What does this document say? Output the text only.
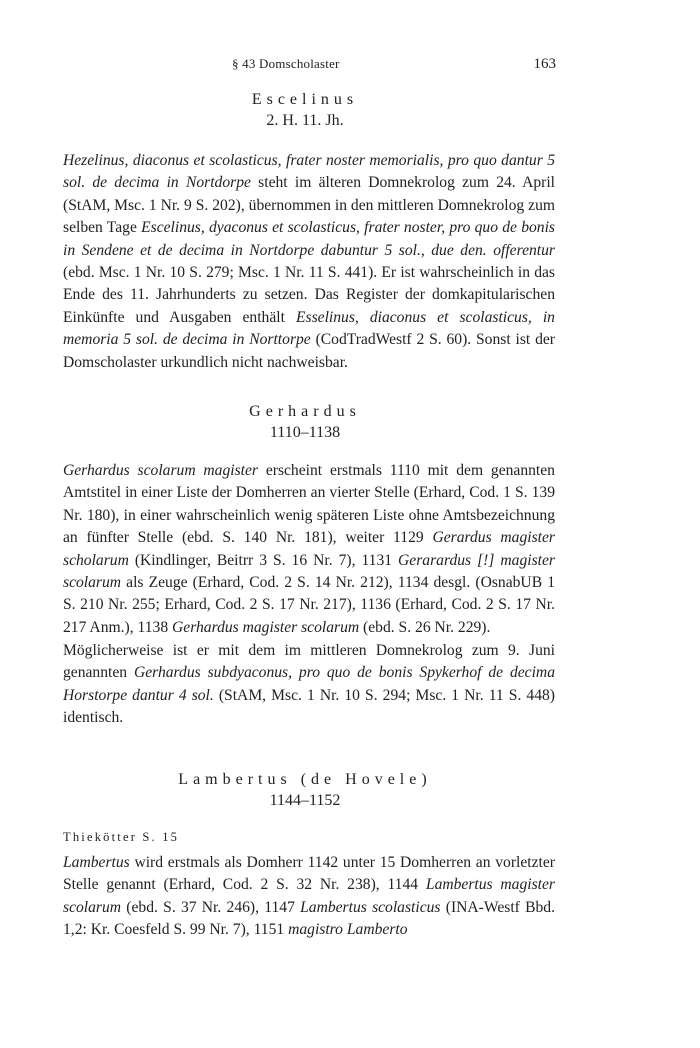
§ 43 Domscholaster	163
Escelinus
2. H. 11. Jh.

Hezelinus, diaconus et scolasticus, frater noster memorialis, pro quo dantur 5 sol. de decima in Nortdorpe steht im älteren Domnekrolog zum 24. April (StAM, Msc. 1 Nr. 9 S. 202), übernommen in den mittleren Domnekrolog zum selben Tage Escelinus, dyaconus et scolasticus, frater noster, pro quo de bonis in Sendene et de decima in Nortdorpe dabuntur 5 sol., due den. offerentur (ebd. Msc. 1 Nr. 10 S. 279; Msc. 1 Nr. 11 S. 441). Er ist wahrscheinlich in das Ende des 11. Jahrhunderts zu setzen. Das Register der domkapitularischen Einkünfte und Ausgaben enthält Esselinus, diaconus et scolasticus, in memoria 5 sol. de decima in Norttorpe (CodTradWestf 2 S. 60). Sonst ist der Domscholaster urkundlich nicht nachweisbar.

Gerhardus
1110–1138

Gerhardus scolarum magister erscheint erstmals 1110 mit dem genannten Amtstitel in einer Liste der Domherren an vierter Stelle (Erhard, Cod. 1 S. 139 Nr. 180), in einer wahrscheinlich wenig späteren Liste ohne Amtsbezeichnung an fünfter Stelle (ebd. S. 140 Nr. 181), weiter 1129 Gerardus magister scholarum (Kindlinger, Beitrr 3 S. 16 Nr. 7), 1131 Gerarardus [!] magister scolarum als Zeuge (Erhard, Cod. 2 S. 14 Nr. 212), 1134 desgl. (OsnabUB 1 S. 210 Nr. 255; Erhard, Cod. 2 S. 17 Nr. 217), 1136 (Erhard, Cod. 2 S. 17 Nr. 217 Anm.), 1138 Gerhardus magister scolarum (ebd. S. 26 Nr. 229).

Möglicherweise ist er mit dem im mittleren Domnekrolog zum 9. Juni genannten Gerhardus subdyaconus, pro quo de bonis Spykerhof de decima Horstorpe dantur 4 sol. (StAM, Msc. 1 Nr. 10 S. 294; Msc. 1 Nr. 11 S. 448) identisch.

Lambertus (de Hovele)
1144–1152
Thiekötter S. 15

Lambertus wird erstmals als Domherr 1142 unter 15 Domherren an vorletzter Stelle genannt (Erhard, Cod. 2 S. 32 Nr. 238), 1144 Lambertus magister scolarum (ebd. S. 37 Nr. 246), 1147 Lambertus scolasticus (INA-Westf Bbd. 1,2: Kr. Coesfeld S. 99 Nr. 7), 1151 magistro Lamberto
